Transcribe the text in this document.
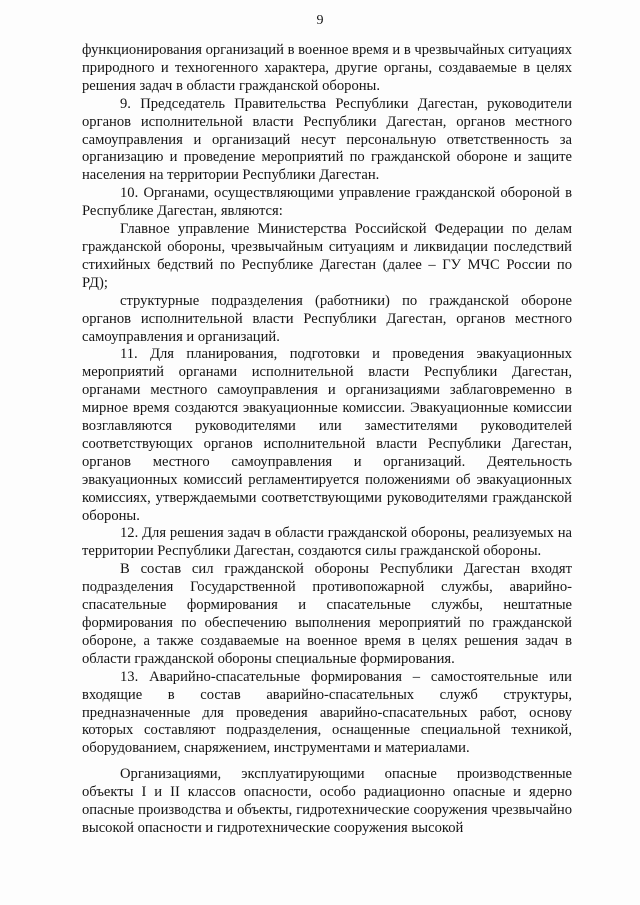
9

функционирования организаций в военное время и в чрезвычайных ситуациях природного и техногенного характера, другие органы, создаваемые в целях решения задач в области гражданской обороны.

9. Председатель Правительства Республики Дагестан, руководители органов исполнительной власти Республики Дагестан, органов местного самоуправления и организаций несут персональную ответственность за организацию и проведение мероприятий по гражданской обороне и защите населения на территории Республики Дагестан.

10. Органами, осуществляющими управление гражданской обороной в Республике Дагестан, являются:

Главное управление Министерства Российской Федерации по делам гражданской обороны, чрезвычайным ситуациям и ликвидации последствий стихийных бедствий по Республике Дагестан (далее – ГУ МЧС России по РД);

структурные подразделения (работники) по гражданской обороне органов исполнительной власти Республики Дагестан, органов местного самоуправления и организаций.

11. Для планирования, подготовки и проведения эвакуационных мероприятий органами исполнительной власти Республики Дагестан, органами местного самоуправления и организациями заблаговременно в мирное время создаются эвакуационные комиссии. Эвакуационные комиссии возглавляются руководителями или заместителями руководителей соответствующих органов исполнительной власти Республики Дагестан, органов местного самоуправления и организаций. Деятельность эвакуационных комиссий регламентируется положениями об эвакуационных комиссиях, утверждаемыми соответствующими руководителями гражданской обороны.

12. Для решения задач в области гражданской обороны, реализуемых на территории Республики Дагестан, создаются силы гражданской обороны.

В состав сил гражданской обороны Республики Дагестан входят подразделения Государственной противопожарной службы, аварийно-спасательные формирования и спасательные службы, нештатные формирования по обеспечению выполнения мероприятий по гражданской обороне, а также создаваемые на военное время в целях решения задач в области гражданской обороны специальные формирования.

13. Аварийно-спасательные формирования – самостоятельные или входящие в состав аварийно-спасательных служб структуры, предназначенные для проведения аварийно-спасательных работ, основу которых составляют подразделения, оснащенные специальной техникой, оборудованием, снаряжением, инструментами и материалами.

Организациями, эксплуатирующими опасные производственные объекты I и II классов опасности, особо радиационно опасные и ядерно опасные производства и объекты, гидротехнические сооружения чрезвычайно высокой опасности и гидротехнические сооружения высокой
